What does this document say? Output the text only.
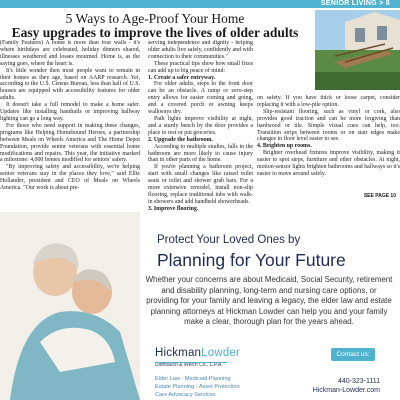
SENIOR LIVING > 8
5 Ways to Age-Proof Your Home
Easy upgrades to improve the lives of older adults

(Family Features) A home is more than four walls - it's where birthdays are celebrated, holiday dinners shared, illnesses weathered and losses mourned. Home is, as the saying goes, where the heart is.

It's little wonder then most people want to remain in their homes as they age, based on AARP research. Yet, according to the U.S. Census Bureau, less than half of U.S. houses are equipped with accessibility features for older adults.

It doesn't take a full remodel to make a home safer. Updates like installing handrails or improving hallway lighting can go a long way.

For those who need support in making these changes, programs like Helping Homebound Heroes, a partnership between Meals on Wheels America and The Home Depot Foundation, provide senior veterans with essential home modifications and repairs. This year, the initiative marked a milestone: 4,000 homes modified for seniors' safety.

"By improving safety and accessibility, we're helping senior veterans stay in the places they love," said Ellie Hollander, president and CEO of Meals on Wheels America. "Our work is about pre-

serving independence and dignity - helping older adults live safely, confidently and with connection to their communities."

These practical tips show how small fixes can add up to big peace of mind:

1. Create a safer entryway.

For older adults, steps to the front door can be an obstacle. A ramp or zero-step entry allows for easier coming and going, and a covered porch or awning keeps walkways dry.

Path lights improve visibility at night, and a sturdy bench by the door provides a place to rest or put groceries.

2. Upgrade the bathroom.

According to multiple studies, falls in the bathroom are more likely to cause injury than in other parts of the home.

If you're planning a bathroom project, start with small changes like raised toilet seats or toilet and shower grab bars. For a more extensive remodel, install non-slip flooring, replace traditional tubs with walk-in showers and add handheld showerheads.

3. Improve flooring.

on safety. If you have thick or loose carpet, consider replacing it with a low-pile option.

Slip-resistant flooring, such as vinyl or cork, also provides good traction and can be more forgiving than hardwood or tile. Simple visual cues can help, too. Transition strips between rooms or on stair edges make changes in floor level easier to see.

4. Brighten up rooms.

Brighter overhead fixtures improve visibility, making it easier to spot steps, furniture and other obstacles. At night, motion-sensor lights brighten bathrooms and hallways so it's easier to move around safely.

SEE PAGE 10
Protect Your Loved Ones by
Planning for Your Future
Whether your concerns are about Medicaid, Social Security, retirement and disability planning, long-term and nursing care options, or providing for your family and leaving a legacy, the elder law and estate planning attorneys at Hickman Lowder can help you and your family make a clear, thorough plan for the years ahead.
HickmanLowder
Uldrbauch & Welch Co., L.P.A.
Elder Law · Medicaid Planning
Estate Planning · Asset Protection
Care Advocacy Services
Contact us:
440-323-1111
Hickman-Lowder.com
